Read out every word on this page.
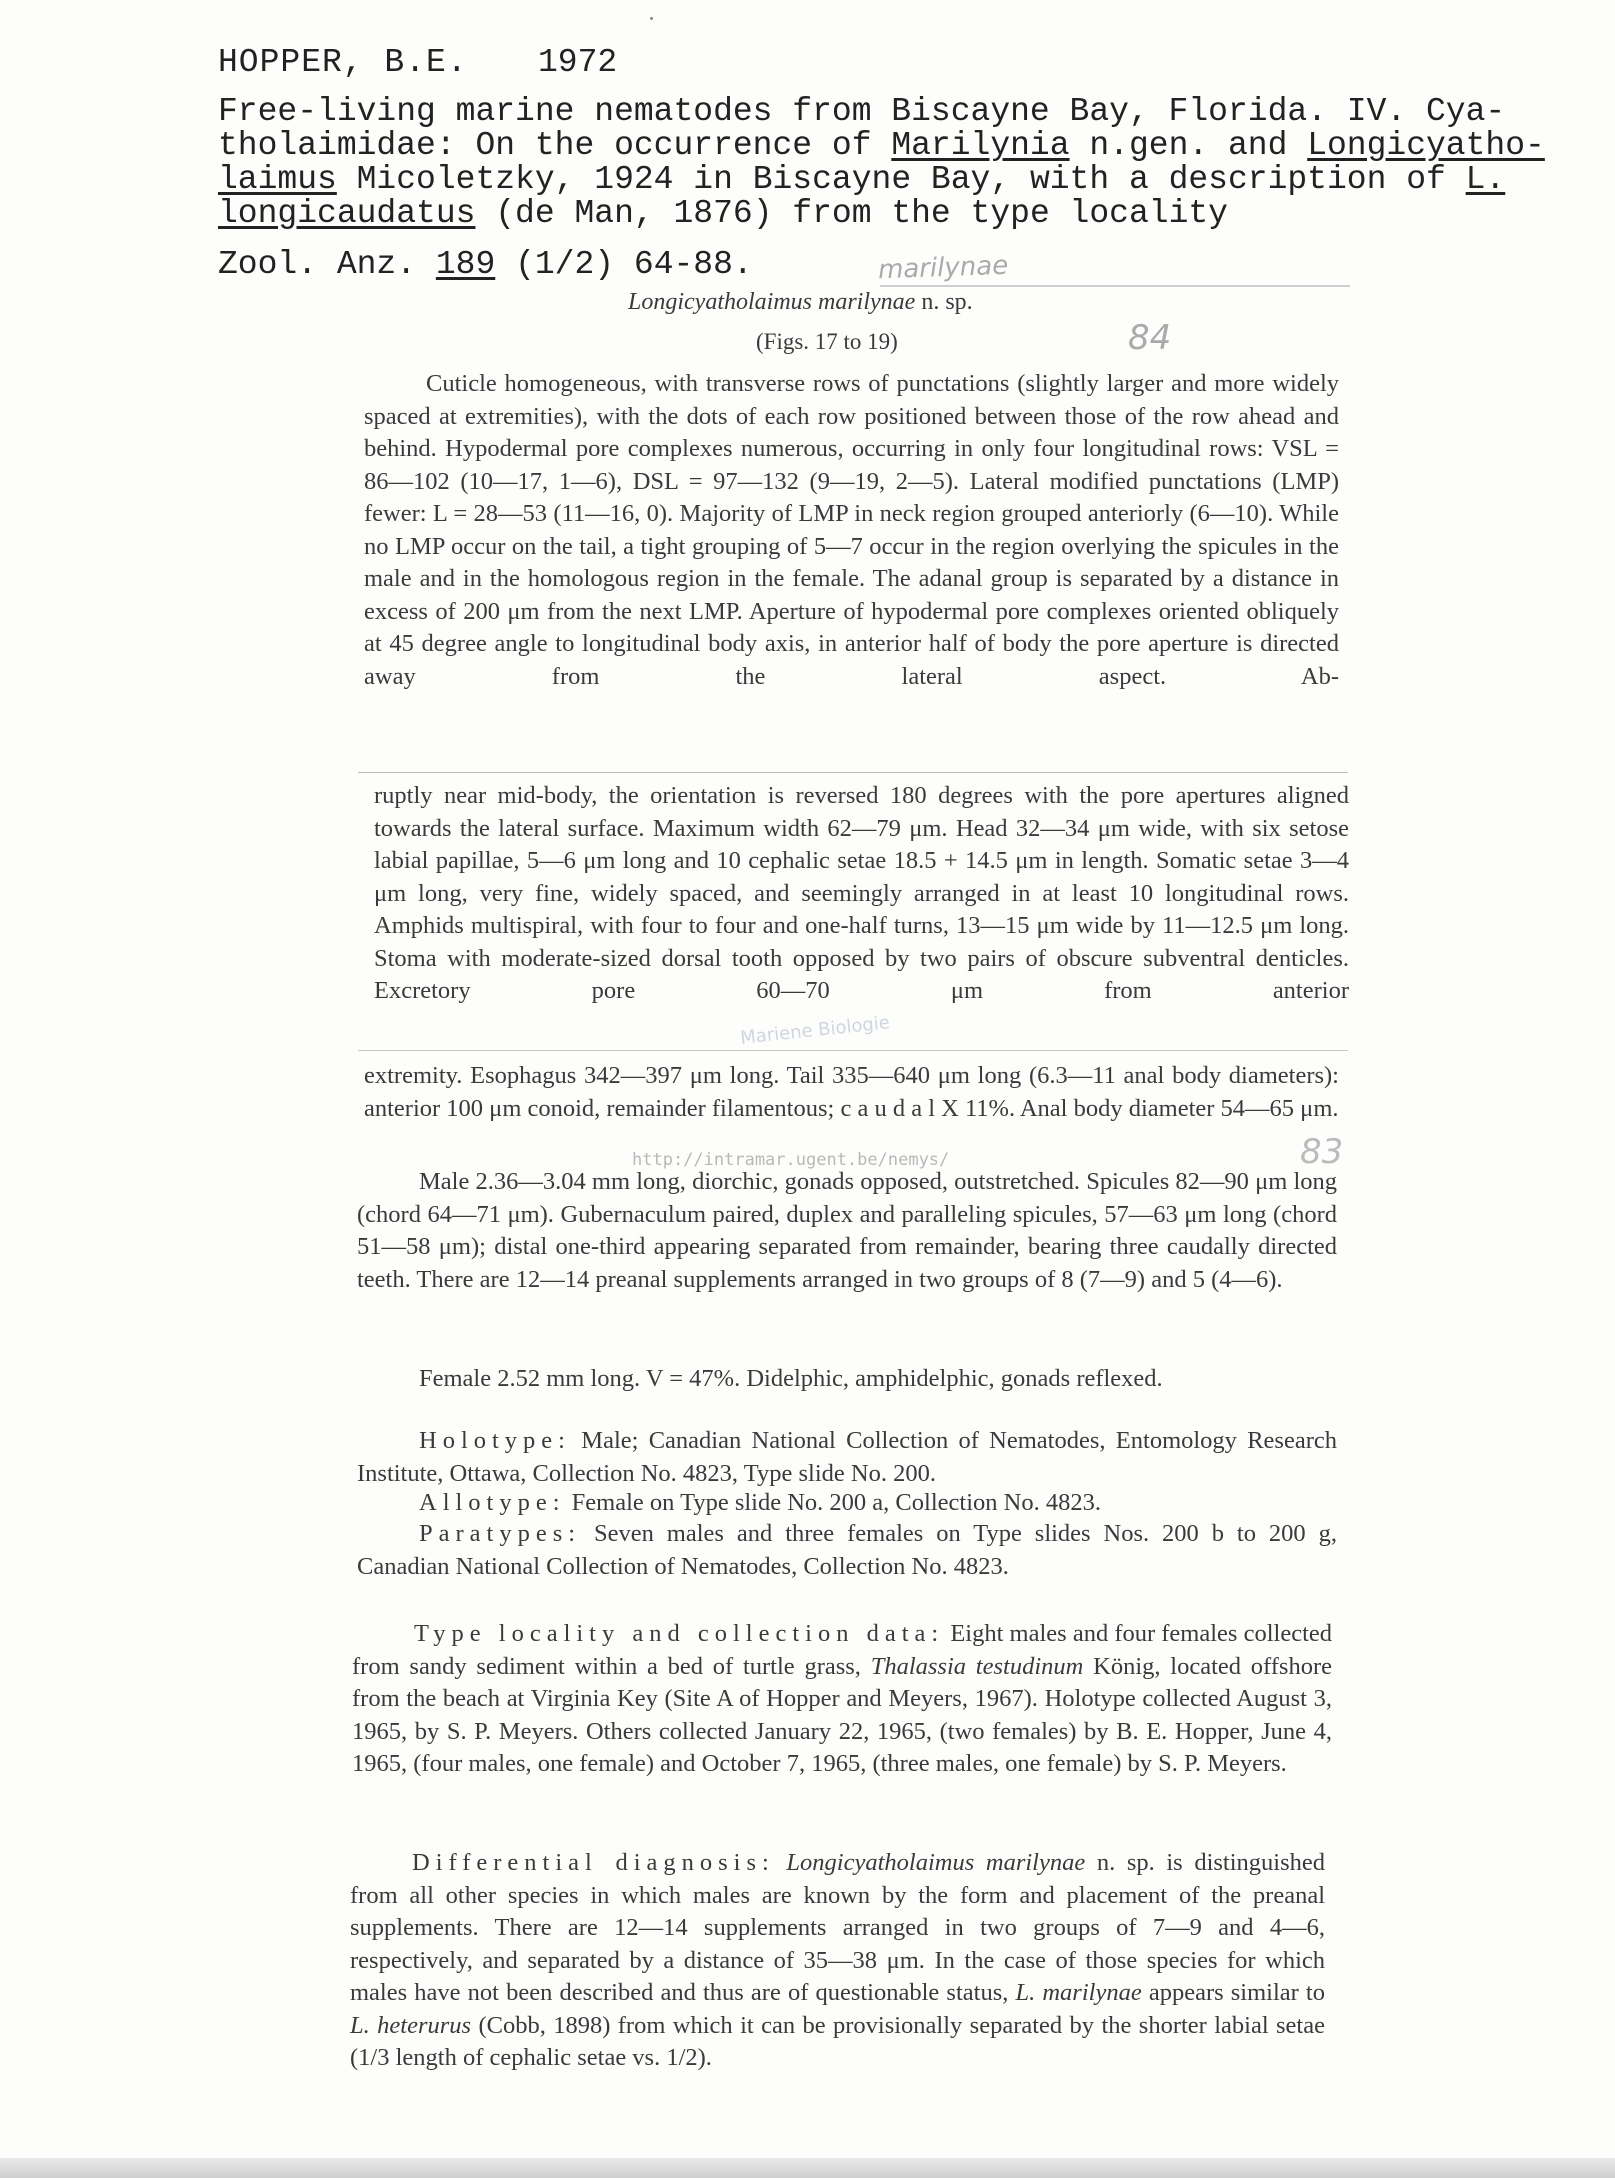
HOPPER, B.E. 1972
Free-living marine nematodes from Biscayne Bay, Florida. IV. Cya-
tholaimidae: On the occurrence of Marilynia n.gen. and Longicyatho-
laimus Micoletzky, 1924 in Biscayne Bay, with a description of L.
longicaudatus (de Man, 1876) from the type locality
Zool. Anz. 189 (1/2) 64-88.	marilynae
84
83
Longicyatholaimus marilynae n. sp.
(Figs. 17 to 19)
Cuticle homogeneous, with transverse rows of punctations (slightly larger and more widely spaced at extremities), with the dots of each row positioned between those of the row ahead and behind. Hypodermal pore complexes numerous, occurring in only four longitudinal rows: VSL = 86—102 (10—17, 1—6), DSL = 97—132 (9—19, 2—5). Lateral modified punctations (LMP) fewer: L = 28—53 (11—16, 0). Majority of LMP in neck region grouped anteriorly (6—10). While no LMP occur on the tail, a tight grouping of 5—7 occur in the region overlying the spicules in the male and in the homologous region in the female. The adanal group is separated by a distance in excess of 200 μm from the next LMP. Aperture of hypodermal pore complexes oriented obliquely at 45 degree angle to longitudinal body axis, in anterior half of body the pore aperture is directed away from the lateral aspect. Ab-
ruptly near mid-body, the orientation is reversed 180 degrees with the pore apertures aligned towards the lateral surface. Maximum width 62—79 μm. Head 32—34 μm wide, with six setose labial papillae, 5—6 μm long and 10 cephalic setae 18.5 + 14.5 μm in length. Somatic setae 3—4 μm long, very fine, widely spaced, and seemingly arranged in at least 10 longitudinal rows. Amphids multispiral, with four to four and one-half turns, 13—15 μm wide by 11—12.5 μm long. Stoma with moderate-sized dorsal tooth opposed by two pairs of obscure subventral denticles. Excretory pore 60—70 μm from anterior
extremity. Esophagus 342—397 μm long. Tail 335—640 μm long (6.3—11 anal body diameters): anterior 100 μm conoid, remainder filamentous; c a u d a l X 11%. Anal body diameter 54—65 μm.
Mariene Biologie
http://intramar.ugent.be/nemys/
Male 2.36—3.04 mm long, diorchic, gonads opposed, outstretched. Spicules 82—90 μm long (chord 64—71 μm). Gubernaculum paired, duplex and paralleling spicules, 57—63 μm long (chord 51—58 μm); distal one-third appearing separated from remainder, bearing three caudally directed teeth. There are 12—14 preanal supplements arranged in two groups of 8 (7—9) and 5 (4—6).
Female 2.52 mm long. V = 47%. Didelphic, amphidelphic, gonads reflexed.
Holotype: Male; Canadian National Collection of Nematodes, Entomology Research Institute, Ottawa, Collection No. 4823, Type slide No. 200.
Allotype: Female on Type slide No. 200 a, Collection No. 4823.
Paratypes: Seven males and three females on Type slides Nos. 200 b to 200 g, Canadian National Collection of Nematodes, Collection No. 4823.
Type locality and collection data: Eight males and four females collected from sandy sediment within a bed of turtle grass, Thalassia testudinum König, located offshore from the beach at Virginia Key (Site A of Hopper and Meyers, 1967). Holotype collected August 3, 1965, by S. P. Meyers. Others collected January 22, 1965, (two females) by B. E. Hopper, June 4, 1965, (four males, one female) and October 7, 1965, (three males, one female) by S. P. Meyers.
Differential diagnosis: Longicyatholaimus marilynae n. sp. is distinguished from all other species in which males are known by the form and placement of the preanal supplements. There are 12—14 supplements arranged in two groups of 7—9 and 4—6, respectively, and separated by a distance of 35—38 μm. In the case of those species for which males have not been described and thus are of questionable status, L. marilynae appears similar to L. heterurus (Cobb, 1898) from which it can be provisionally separated by the shorter labial setae (1/3 length of cephalic setae vs. 1/2).
